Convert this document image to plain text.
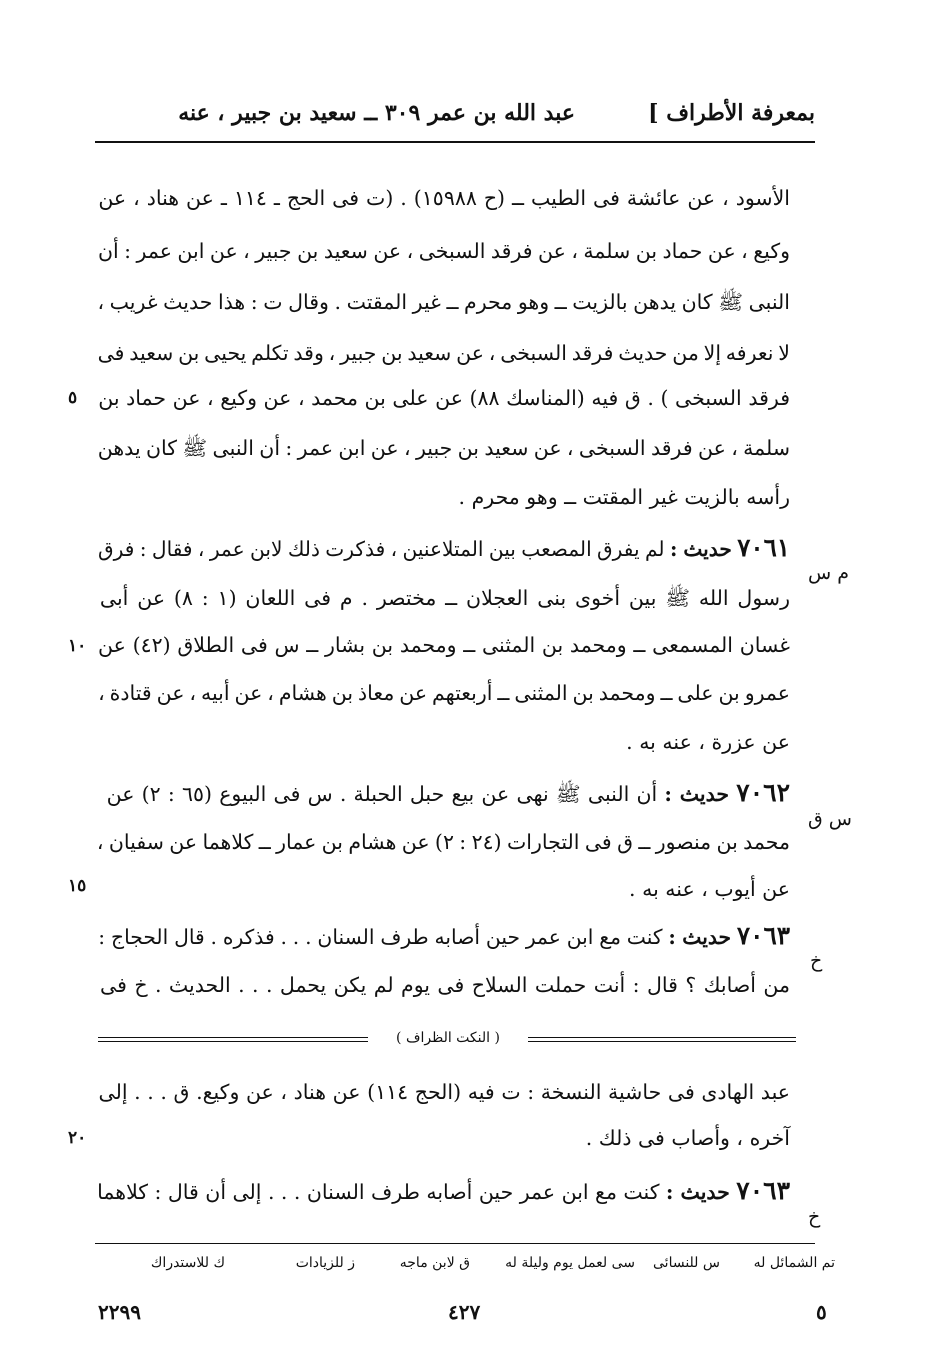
بمعرفة الأطراف ]
عبد الله بن عمر ٣٠٩ ــ سعيد بن جبير ، عنه
الأسود ، عن عائشة فى الطيب ــ (ح ١٥٩٨٨) . (ت فى الحج ـ ١١٤ ـ عن هناد ، عن
وكيع ، عن حماد بن سلمة ، عن فرقد السبخى ، عن سعيد بن جبير ، عن ابن عمر : أن
النبى ﷺ كان يدهن بالزيت ــ وهو محرم ــ غير المقتت . وقال ت : هذا حديث غريب ،
لا نعرفه إلا من حديث فرقد السبخى ، عن سعيد بن جبير ، وقد تكلم يحيى بن سعيد فى
فرقد السبخى ) . ق فيه (المناسك ٨٨) عن على بن محمد ، عن وكيع ، عن حماد بن
سلمة ، عن فرقد السبخى ، عن سعيد بن جبير ، عن ابن عمر : أن النبى ﷺ كان يدهن
رأسه بالزيت غير المقتت ــ وهو محرم .
٧٠٦١ حديث : لم يفرق المصعب بين المتلاعنين ، فذكرت ذلك لابن عمر ، فقال : فرق
م س
رسول الله ﷺ بين أخوى بنى العجلان ــ مختصر . م فى اللعان (١ : ٨) عن أبى
غسان المسمعى ــ ومحمد بن المثنى ــ ومحمد بن بشار ــ س فى الطلاق (٤٢) عن
عمرو بن على ــ ومحمد بن المثنى ــ أربعتهم عن معاذ بن هشام ، عن أبيه ، عن قتادة ،
عن عزرة ، عنه به .
٧٠٦٢ حديث : أن النبى ﷺ نهى عن بيع حبل الحبلة . س فى البيوع (٦٥ : ٢) عن
س ق
محمد بن منصور ــ ق فى التجارات (٢٤ : ٢) عن هشام بن عمار ــ كلاهما عن سفيان ،
عن أيوب ، عنه به .
٧٠٦٣ حديث : كنت مع ابن عمر حين أصابه طرف السنان . . . فذكره . قال الحجاج :
خ
من أصابك ؟ قال : أنت حملت السلاح فى يوم لم يكن يحمل . . . الحديث . خ فى
٥
١٠
١٥
٢٠
( النكت الظراف )
عبد الهادى فى حاشية النسخة : ت فيه (الحج ١١٤) عن هناد ، عن وكيع. ق . . . إلى
آخره ، وأصاب فى ذلك .
٧٠٦٣ حديث : كنت مع ابن عمر حين أصابه طرف السنان . . . إلى أن قال : كلاهما
خ
تم الشمائل له
س للنسائى
سى لعمل يوم وليلة له
ق لابن ماجه
ز للزيادات
ك للاستدراك
٢٢٩٩	٤٢٧	٥
